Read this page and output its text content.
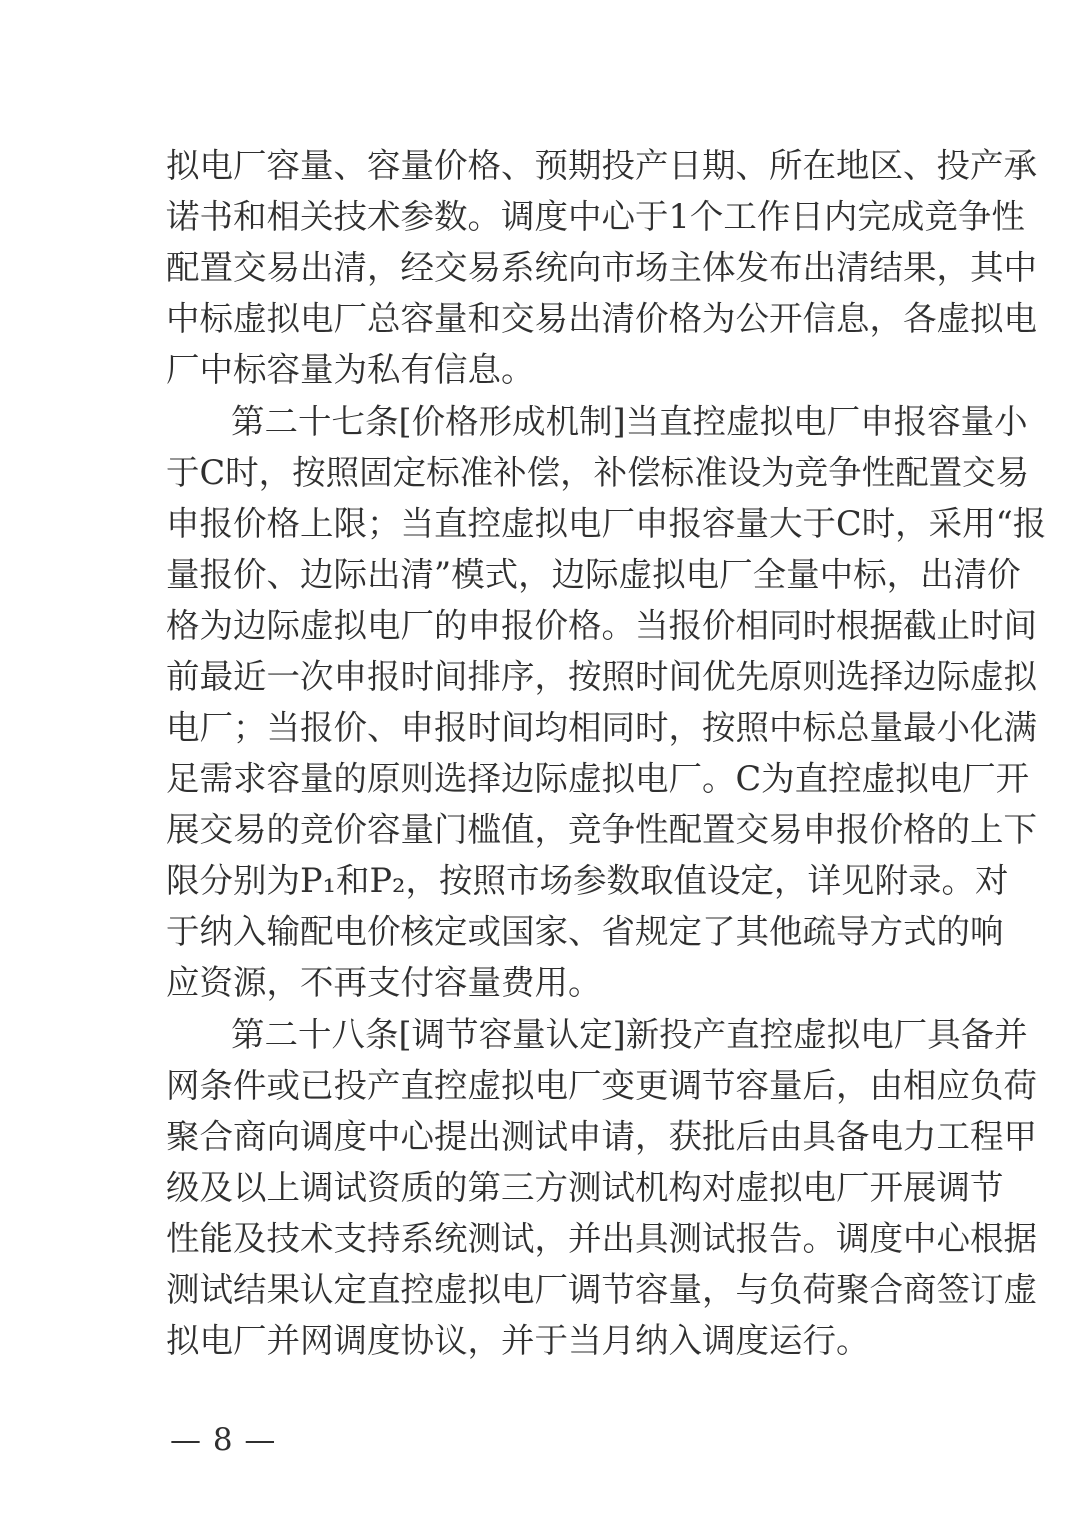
拟电厂容量、容量价格、预期投产日期、所在地区、投产承
诺书和相关技术参数。调度中心于1个工作日内完成竞争性
配置交易出清，经交易系统向市场主体发布出清结果，其中
中标虚拟电厂总容量和交易出清价格为公开信息，各虚拟电
厂中标容量为私有信息。
第二十七条[价格形成机制]当直控虚拟电厂申报容量小
于C时，按照固定标准补偿，补偿标准设为竞争性配置交易
申报价格上限；当直控虚拟电厂申报容量大于C时，采用“报
量报价、边际出清”模式，边际虚拟电厂全量中标，出清价
格为边际虚拟电厂的申报价格。当报价相同时根据截止时间
前最近一次申报时间排序，按照时间优先原则选择边际虚拟
电厂；当报价、申报时间均相同时，按照中标总量最小化满
足需求容量的原则选择边际虚拟电厂。C为直控虚拟电厂开
展交易的竞价容量门槛值，竞争性配置交易申报价格的上下
限分别为P₁和P₂，按照市场参数取值设定，详见附录。对
于纳入输配电价核定或国家、省规定了其他疏导方式的响
应资源，不再支付容量费用。
第二十八条[调节容量认定]新投产直控虚拟电厂具备并
网条件或已投产直控虚拟电厂变更调节容量后，由相应负荷
聚合商向调度中心提出测试申请，获批后由具备电力工程甲
级及以上调试资质的第三方测试机构对虚拟电厂开展调节
性能及技术支持系统测试，并出具测试报告。调度中心根据
测试结果认定直控虚拟电厂调节容量，与负荷聚合商签订虚
拟电厂并网调度协议，并于当月纳入调度运行。
— 8 —
